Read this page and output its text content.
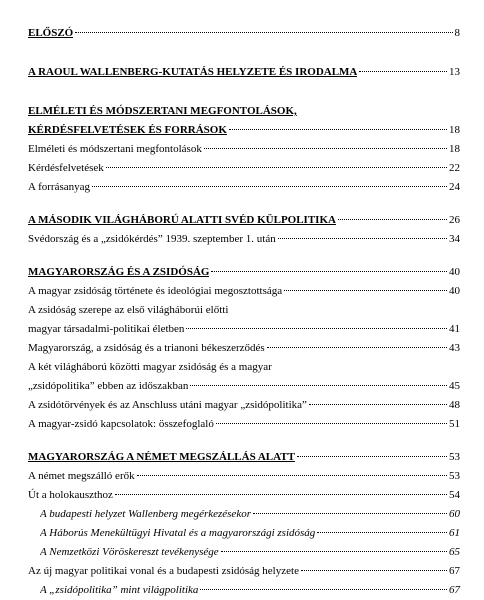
ELŐSZÓ	8
A RAOUL WALLENBERG-KUTATÁS HELYZETE ÉS IRODALMA	13
ELMÉLETI ÉS MÓDSZERTANI MEGFONTOLÁSOK,
KÉRDÉSFELVETÉSEK ÉS FORRÁSOK	18
Elméleti és módszertani megfontolások	18
Kérdésfelvetések	22
A forrásanyag	24
A MÁSODIK VILÁGHÁBORÚ ALATTI SVÉD KÜLPOLITIKA	26
Svédország és a „zsidókérdés” 1939. szeptember 1. után	34
MAGYARORSZÁG ÉS A ZSIDÓSÁG	40
A magyar zsidóság története és ideológiai megosztottsága	40
A zsidóság szerepe az első világháborúi előtti
magyar társadalmi-politikai életben	41
Magyarország, a zsidóság és a trianoni békeszerződés	43
A két világháború közötti magyar zsidóság és a magyar
„zsidópolitika” ebben az időszakban	45
A zsidótörvények és az Anschluss utáni magyar „zsidópolitika”	48
A magyar-zsidó kapcsolatok: összefoglaló	51
MAGYARORSZÁG A NÉMET MEGSZÁLLÁS ALATT	53
A német megszálló erők	53
Út a holokauszthoz	54
A budapesti helyzet Wallenberg megérkezésekor	60
A Háborús Menekültügyi Hivatal és a magyarországi zsidóság	61
A Nemzetközi Vöröskereszt tevékenysége	65
Az új magyar politikai vonal és a budapesti zsidóság helyzete	67
A „zsidópolitika” mint világpolitika	67
